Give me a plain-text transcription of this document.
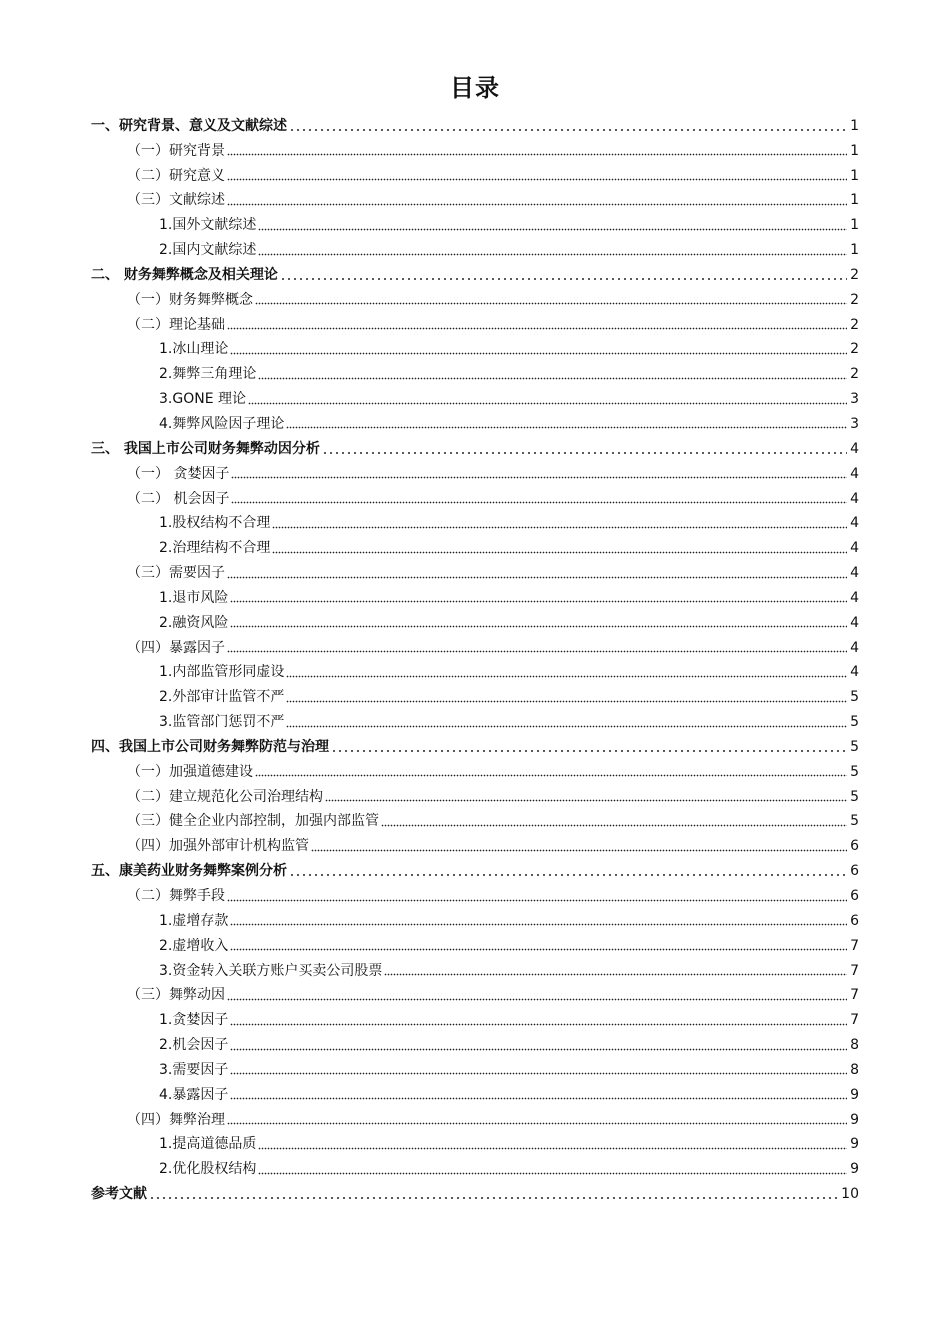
目录
一、研究背景、意义及文献综述	1
（一）研究背景	1
（二）研究意义	1
（三）文献综述	1
1.国外文献综述	1
2.国内文献综述	1
二、 财务舞弊概念及相关理论	2
（一）财务舞弊概念	2
（二）理论基础	2
1.冰山理论	2
2.舞弊三角理论	2
3.GONE 理论	3
4.舞弊风险因子理论	3
三、 我国上市公司财务舞弊动因分析	4
（一） 贪婪因子	4
（二） 机会因子	4
1.股权结构不合理	4
2.治理结构不合理	4
（三）需要因子	4
1.退市风险	4
2.融资风险	4
（四）暴露因子	4
1.内部监管形同虚设	4
2.外部审计监管不严	5
3.监管部门惩罚不严	5
四、我国上市公司财务舞弊防范与治理	5
（一）加强道德建设	5
（二）建立规范化公司治理结构	5
（三）健全企业内部控制，加强内部监管	5
（四）加强外部审计机构监管	6
五、康美药业财务舞弊案例分析	6
（二）舞弊手段	6
1.虚增存款	6
2.虚增收入	7
3.资金转入关联方账户买卖公司股票	7
（三）舞弊动因	7
1.贪婪因子	7
2.机会因子	8
3.需要因子	8
4.暴露因子	9
（四）舞弊治理	9
1.提高道德品质	9
2.优化股权结构	9
参考文献	10
